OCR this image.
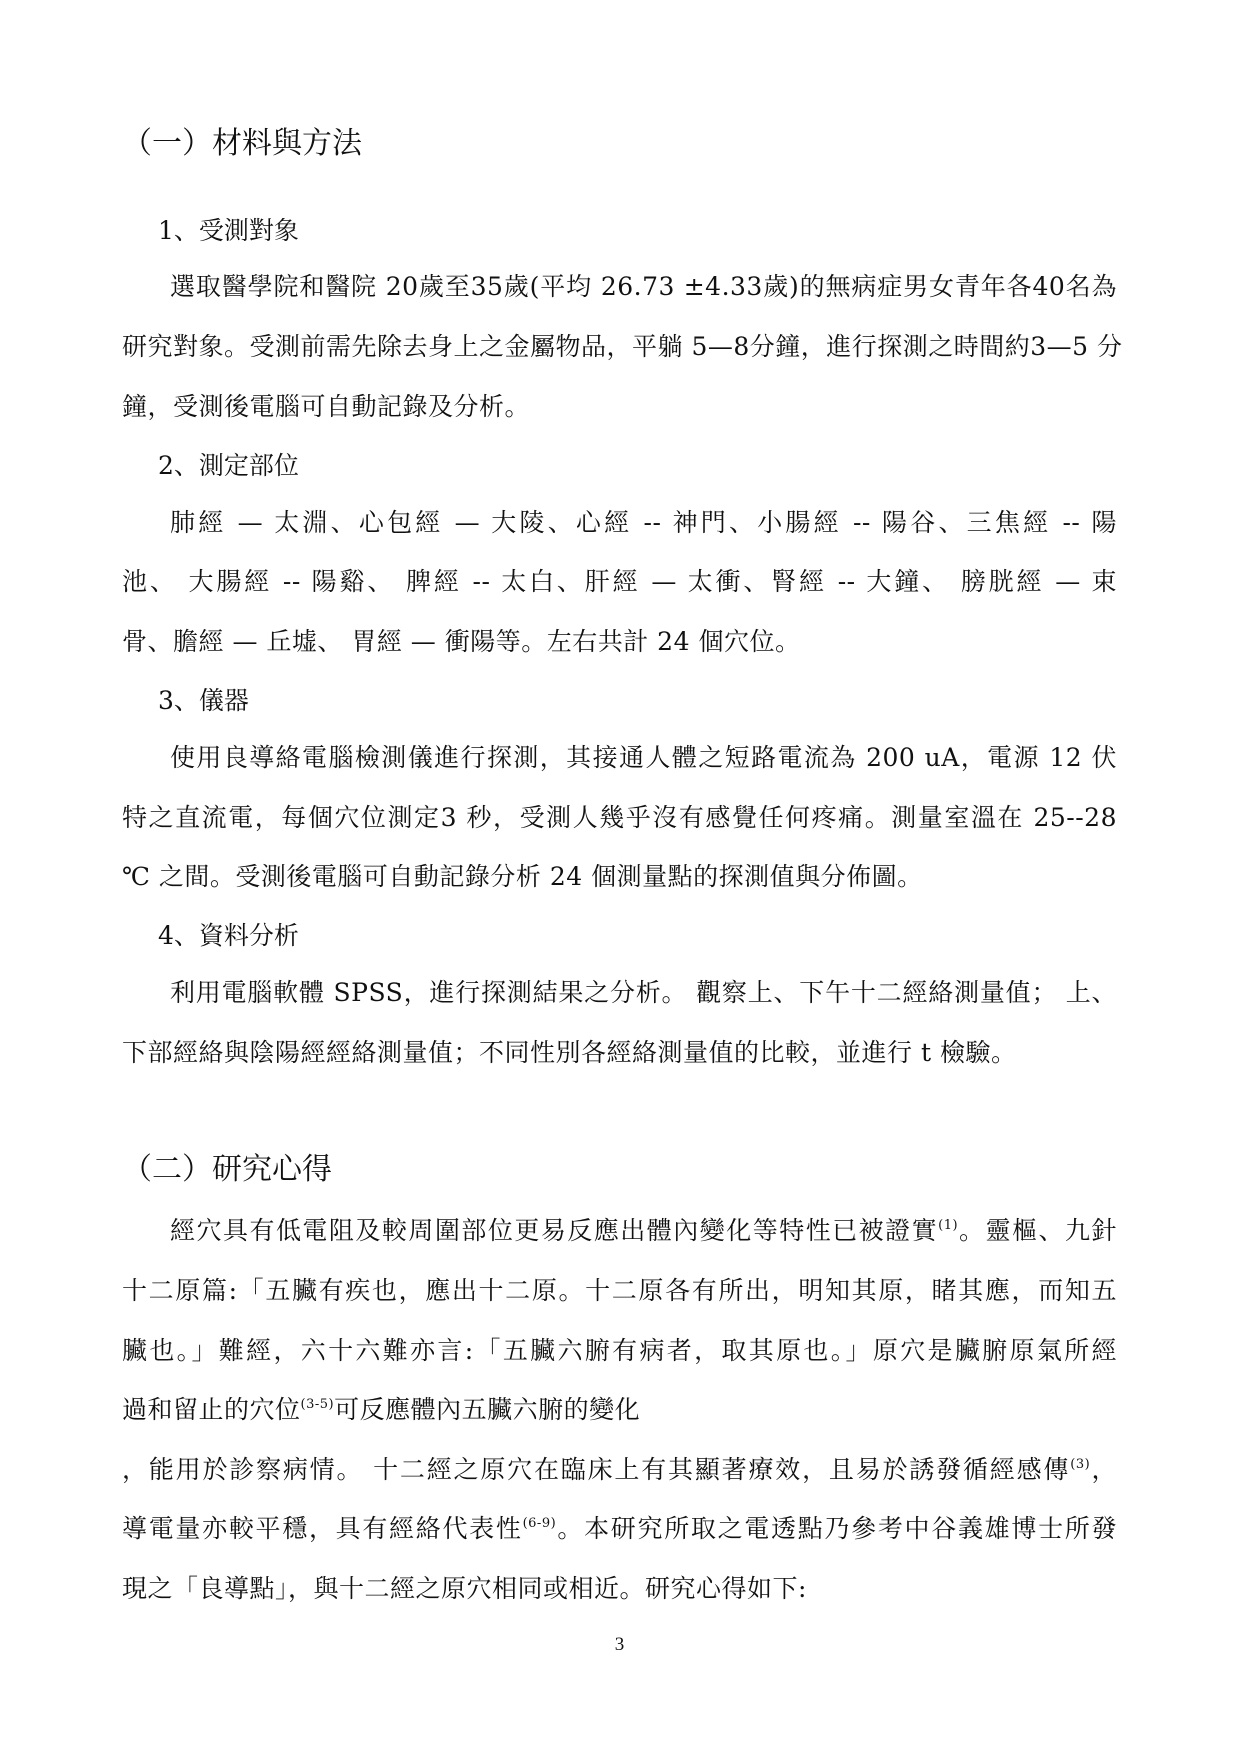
（一）材料與方法
1、受測對象
選取醫學院和醫院 20歲至35歲(平均 26.73 ±4.33歲)的無病症男女青年各40名為
研究對象。受測前需先除去身上之金屬物品，平躺 5—8分鐘，進行探測之時間約3—5 分
鐘，受測後電腦可自動記錄及分析。
2、測定部位
肺經 — 太淵、心包經 — 大陵、心經 -- 神門、小腸經 -- 陽谷、三焦經 -- 陽
池、 大腸經 -- 陽谿、 脾經 -- 太白、肝經 — 太衝、腎經 -- 大鐘、 膀胱經 — 束
骨、膽經 — 丘墟、 胃經 — 衝陽等。左右共計 24 個穴位。
3、儀器
使用良導絡電腦檢測儀進行探測，其接通人體之短路電流為 200 uA，電源 12 伏
特之直流電，每個穴位測定3 秒，受測人幾乎沒有感覺任何疼痛。測量室溫在 25--28
℃ 之間。受測後電腦可自動記錄分析 24 個測量點的探測值與分佈圖。
4、資料分析
利用電腦軟體 SPSS，進行探測結果之分析。 觀察上、下午十二經絡測量值； 上、
下部經絡與陰陽經經絡測量值；不同性別各經絡測量值的比較，並進行 t 檢驗。
（二）研究心得
經穴具有低電阻及較周圍部位更易反應出體內變化等特性已被證實$^{(1)}$。靈樞、九針
十二原篇:「五臟有疾也，應出十二原。十二原各有所出，明知其原，睹其應，而知五
臟也。」難經，六十六難亦言:「五臟六腑有病者，取其原也。」原穴是臟腑原氣所經
過和留止的穴位$^{(3-5)}$可反應體內五臟六腑的變化
，能用於診察病情。 十二經之原穴在臨床上有其顯著療效，且易於誘發循經感傳$^{(3)}$，
導電量亦較平穩，具有經絡代表性$^{(6-9)}$。本研究所取之電透點乃參考中谷義雄博士所發
現之「良導點」，與十二經之原穴相同或相近。研究心得如下:
3
